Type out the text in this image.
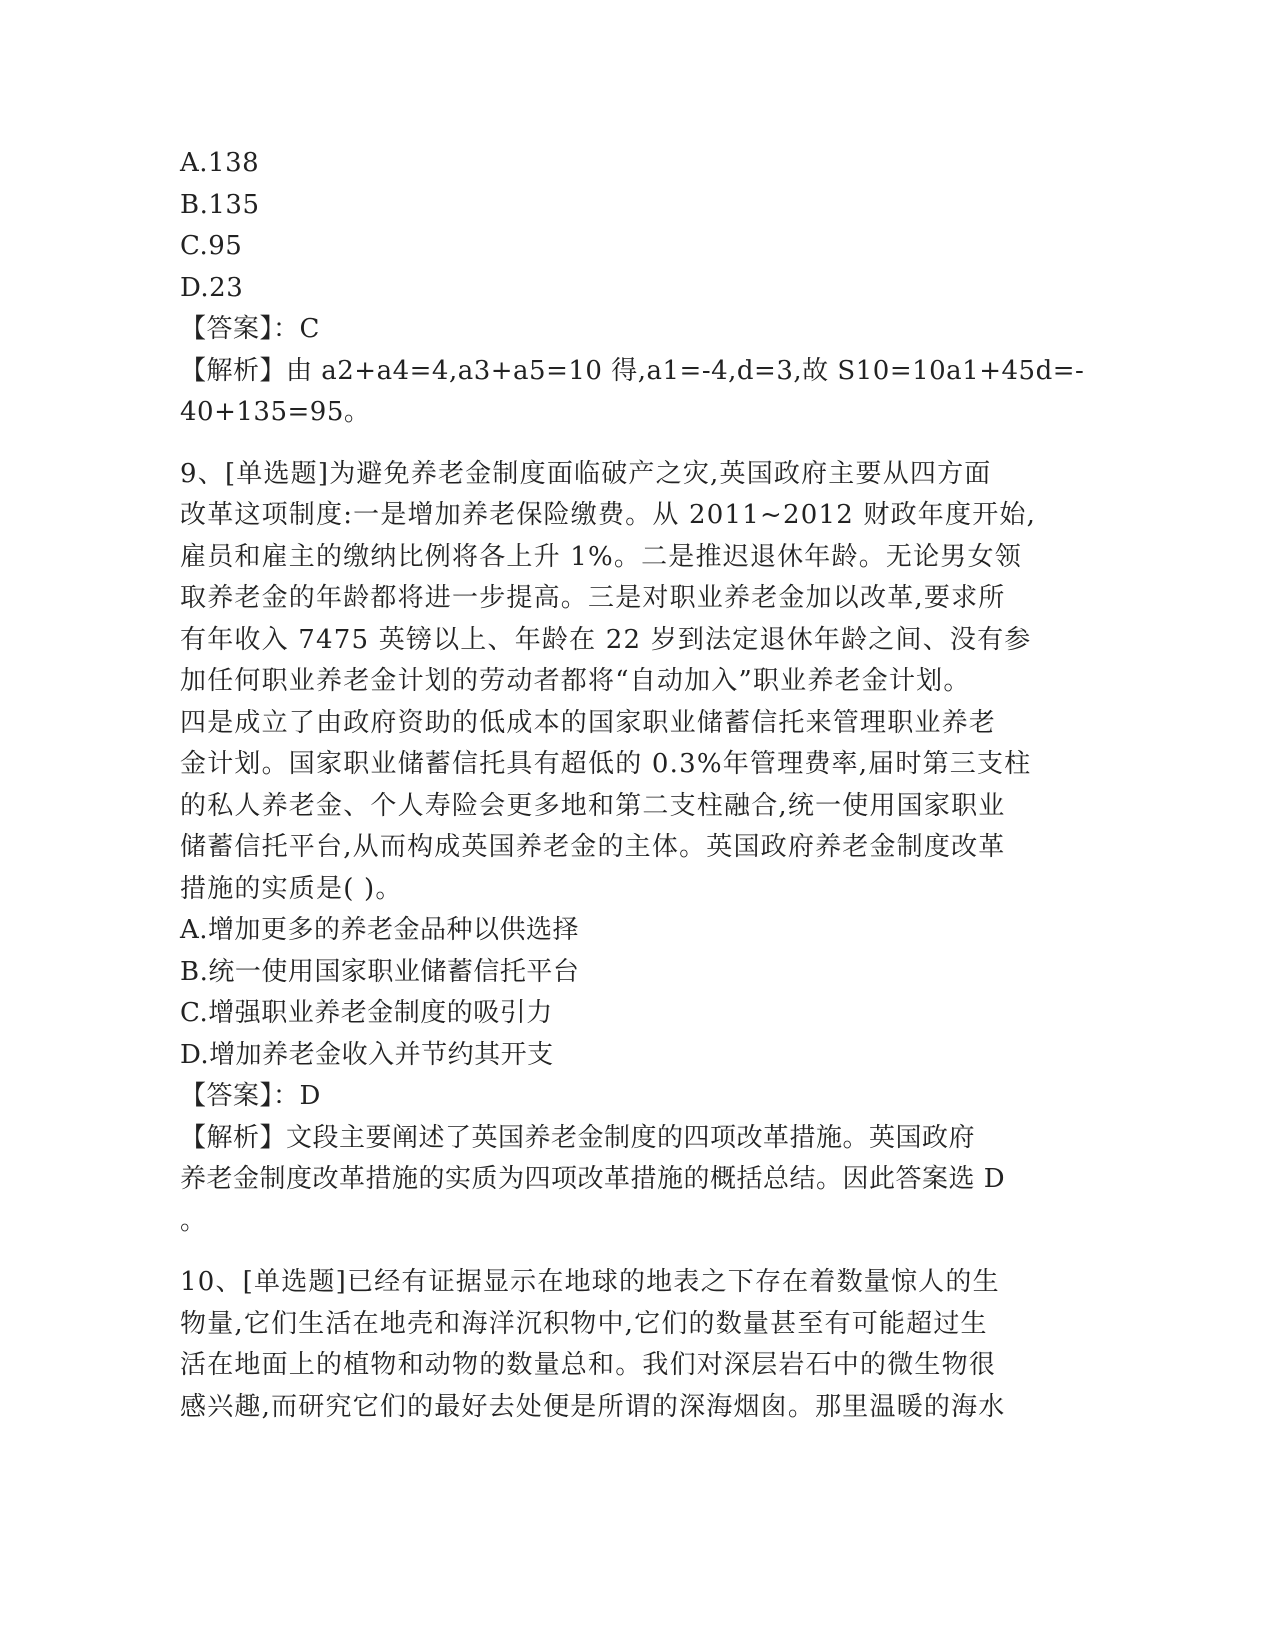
A.138
B.135
C.95
D.23
【答案】：C
【解析】由 a2+a4=4,a3+a5=10 得,a1=-4,d=3,故 S10=10a1+45d=-
40+135=95。
9、[单选题]为避免养老金制度面临破产之灾,英国政府主要从四方面
改革这项制度:一是增加养老保险缴费。从 2011~2012 财政年度开始,
雇员和雇主的缴纳比例将各上升 1%。二是推迟退休年龄。无论男女领
取养老金的年龄都将进一步提高。三是对职业养老金加以改革,要求所
有年收入 7475 英镑以上、年龄在 22 岁到法定退休年龄之间、没有参
加任何职业养老金计划的劳动者都将“自动加入”职业养老金计划。
四是成立了由政府资助的低成本的国家职业储蓄信托来管理职业养老
金计划。国家职业储蓄信托具有超低的 0.3%年管理费率,届时第三支柱
的私人养老金、个人寿险会更多地和第二支柱融合,统一使用国家职业
储蓄信托平台,从而构成英国养老金的主体。英国政府养老金制度改革
措施的实质是( )。
A.增加更多的养老金品种以供选择
B.统一使用国家职业储蓄信托平台
C.增强职业养老金制度的吸引力
D.增加养老金收入并节约其开支
【答案】：D
【解析】文段主要阐述了英国养老金制度的四项改革措施。英国政府
养老金制度改革措施的实质为四项改革措施的概括总结。因此答案选 D
。
10、[单选题]已经有证据显示在地球的地表之下存在着数量惊人的生
物量,它们生活在地壳和海洋沉积物中,它们的数量甚至有可能超过生
活在地面上的植物和动物的数量总和。我们对深层岩石中的微生物很
感兴趣,而研究它们的最好去处便是所谓的深海烟囱。那里温暖的海水
